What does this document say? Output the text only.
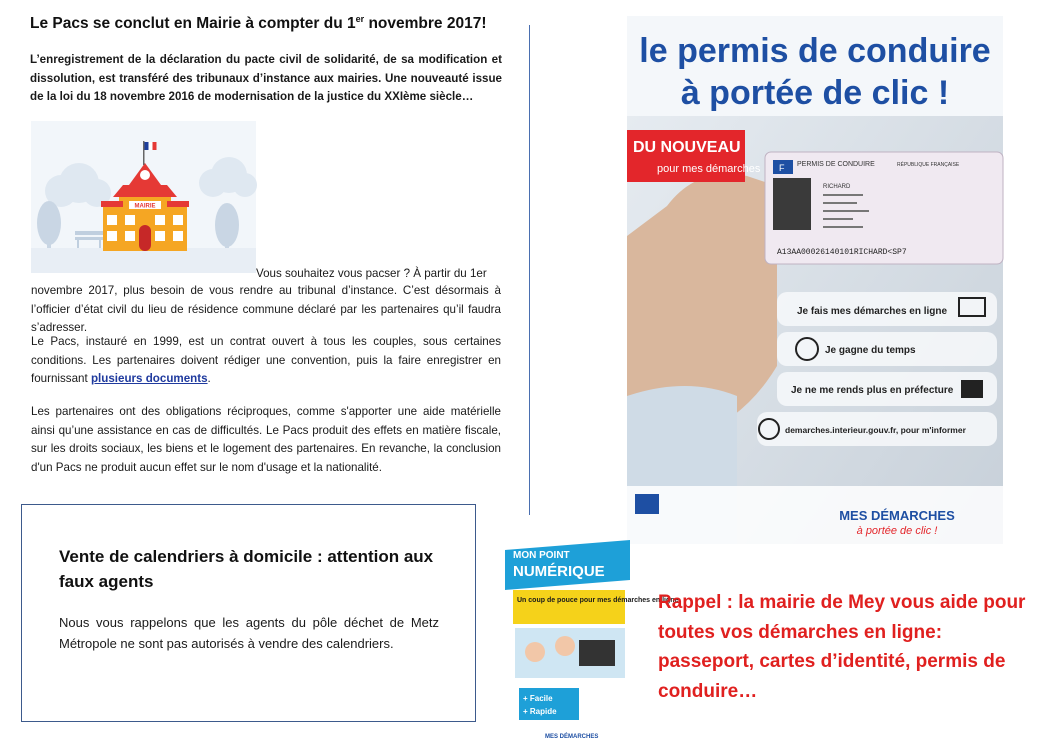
Le Pacs se conclut en Mairie à compter du 1er novembre 2017!
L’enregistrement de la déclaration du pacte civil de solidarité, de sa modification et dissolution, est transféré des tribunaux d’instance aux mairies. Une nouveauté issue de la loi du 18 novembre 2016 de modernisation de la justice du XXIème siècle…
MAIRIE
Vous souhaitez vous pacser ? À partir du 1er
novembre 2017, plus besoin de vous rendre au tribunal d’instance. C’est désormais à l’officier d’état civil du lieu de résidence commune déclaré par les partenaires qu’il faudra s’adresser.
Le Pacs, instauré en 1999, est un contrat ouvert à tous les couples, sous certaines conditions. Les partenaires doivent rédiger une convention, puis la faire enregistrer en fournissant plusieurs documents.
Les partenaires ont des obligations réciproques, comme s'apporter une aide matérielle ainsi qu’une assistance en cas de difficultés. Le Pacs produit des effets en matière fiscale, sur les droits sociaux, les biens et le logement des partenaires. En revanche, la conclusion d'un Pacs ne produit aucun effet sur le nom d'usage et la nationalité.
Vente de calendriers à domicile : attention aux faux agents
Nous vous rappelons que les agents du pôle déchet de Metz Métropole ne sont pas autorisés à vendre des calendriers.
le permis de conduire
à portée de clic !
DU NOUVEAU
pour mes démarches F PERMIS DE CONDUIRE	RÉPUBLIQUE FRANÇAISE
RICHARD
A13AA00026140101RICHARD<SP7
Je fais mes démarches en ligne
Je gagne du temps
Je ne me rends plus en préfecture
demarches.interieur.gouv.fr, pour m'informer
MES DÉMARCHES
à portée de clic !
MON POINT
NUMÉRIQUE
Un coup de pouce pour mes démarches en ligne
+ Facile
+ Rapide
MES DÉMARCHES
Rappel : la mairie de Mey vous aide pour toutes vos démarches en ligne: passeport, cartes d’identité, permis de conduire…
